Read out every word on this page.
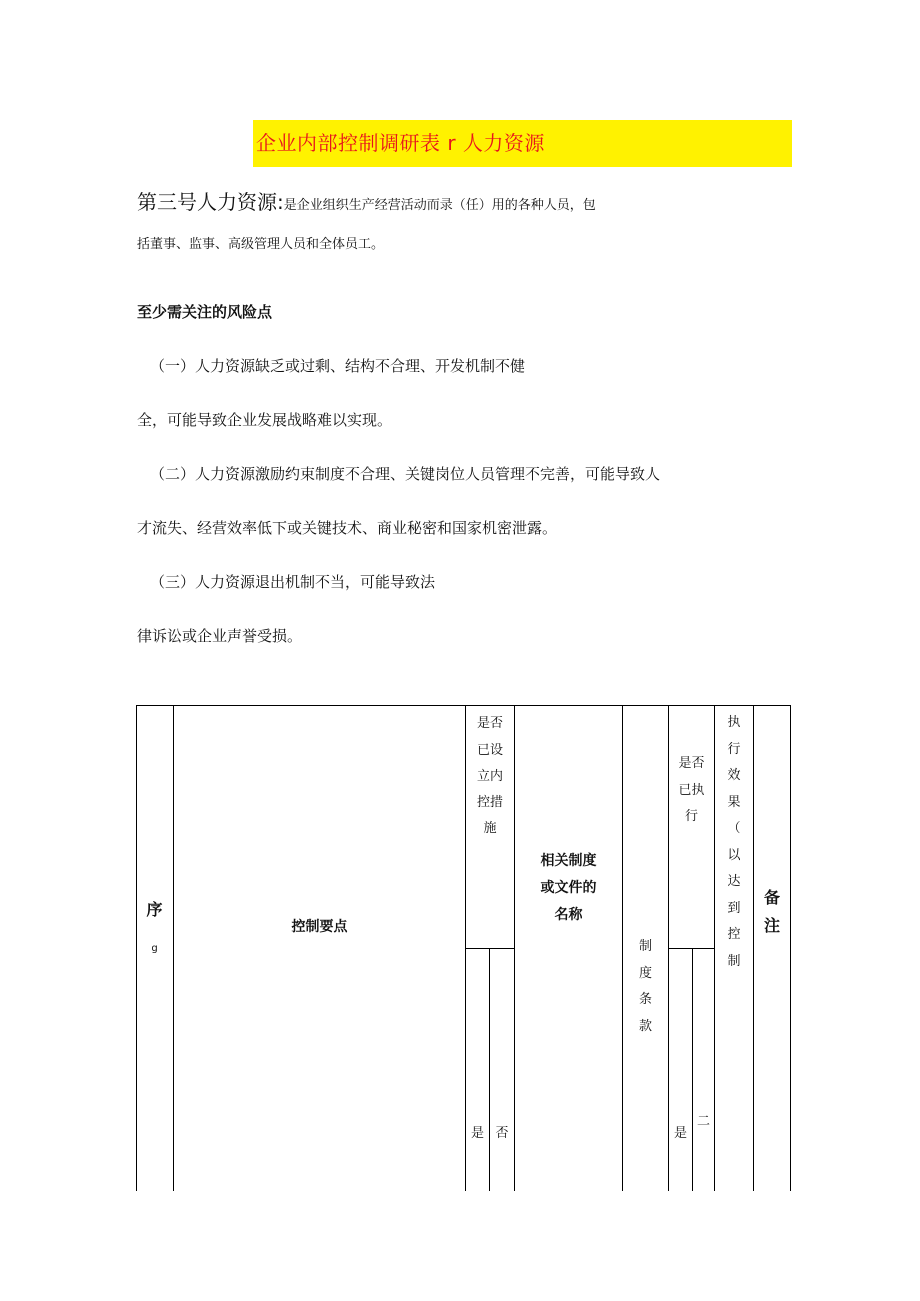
企业内部控制调研表 r 人力资源
第三号人力资源:是企业组织生产经营活动而录（任）用的各种人员，包
括董事、监事、高级管理人员和全体员工。
至少需关注的风险点
（一）人力资源缺乏或过剩、结构不合理、开发机制不健
全，可能导致企业发展战略难以实现。
（二）人力资源激励约束制度不合理、关键岗位人员管理不完善，可能导致人
才流失、经营效率低下或关键技术、商业秘密和国家机密泄露。
（三）人力资源退出机制不当，可能导致法
律诉讼或企业声誉受损。
序
g
控制要点
是否
已设
立内
控措
施
是 否
相关制度
或文件的
名称
制
度
条
款
是否
已执
行
是
二
执
行
效
果
（
以
达
到
控
制
备
注
